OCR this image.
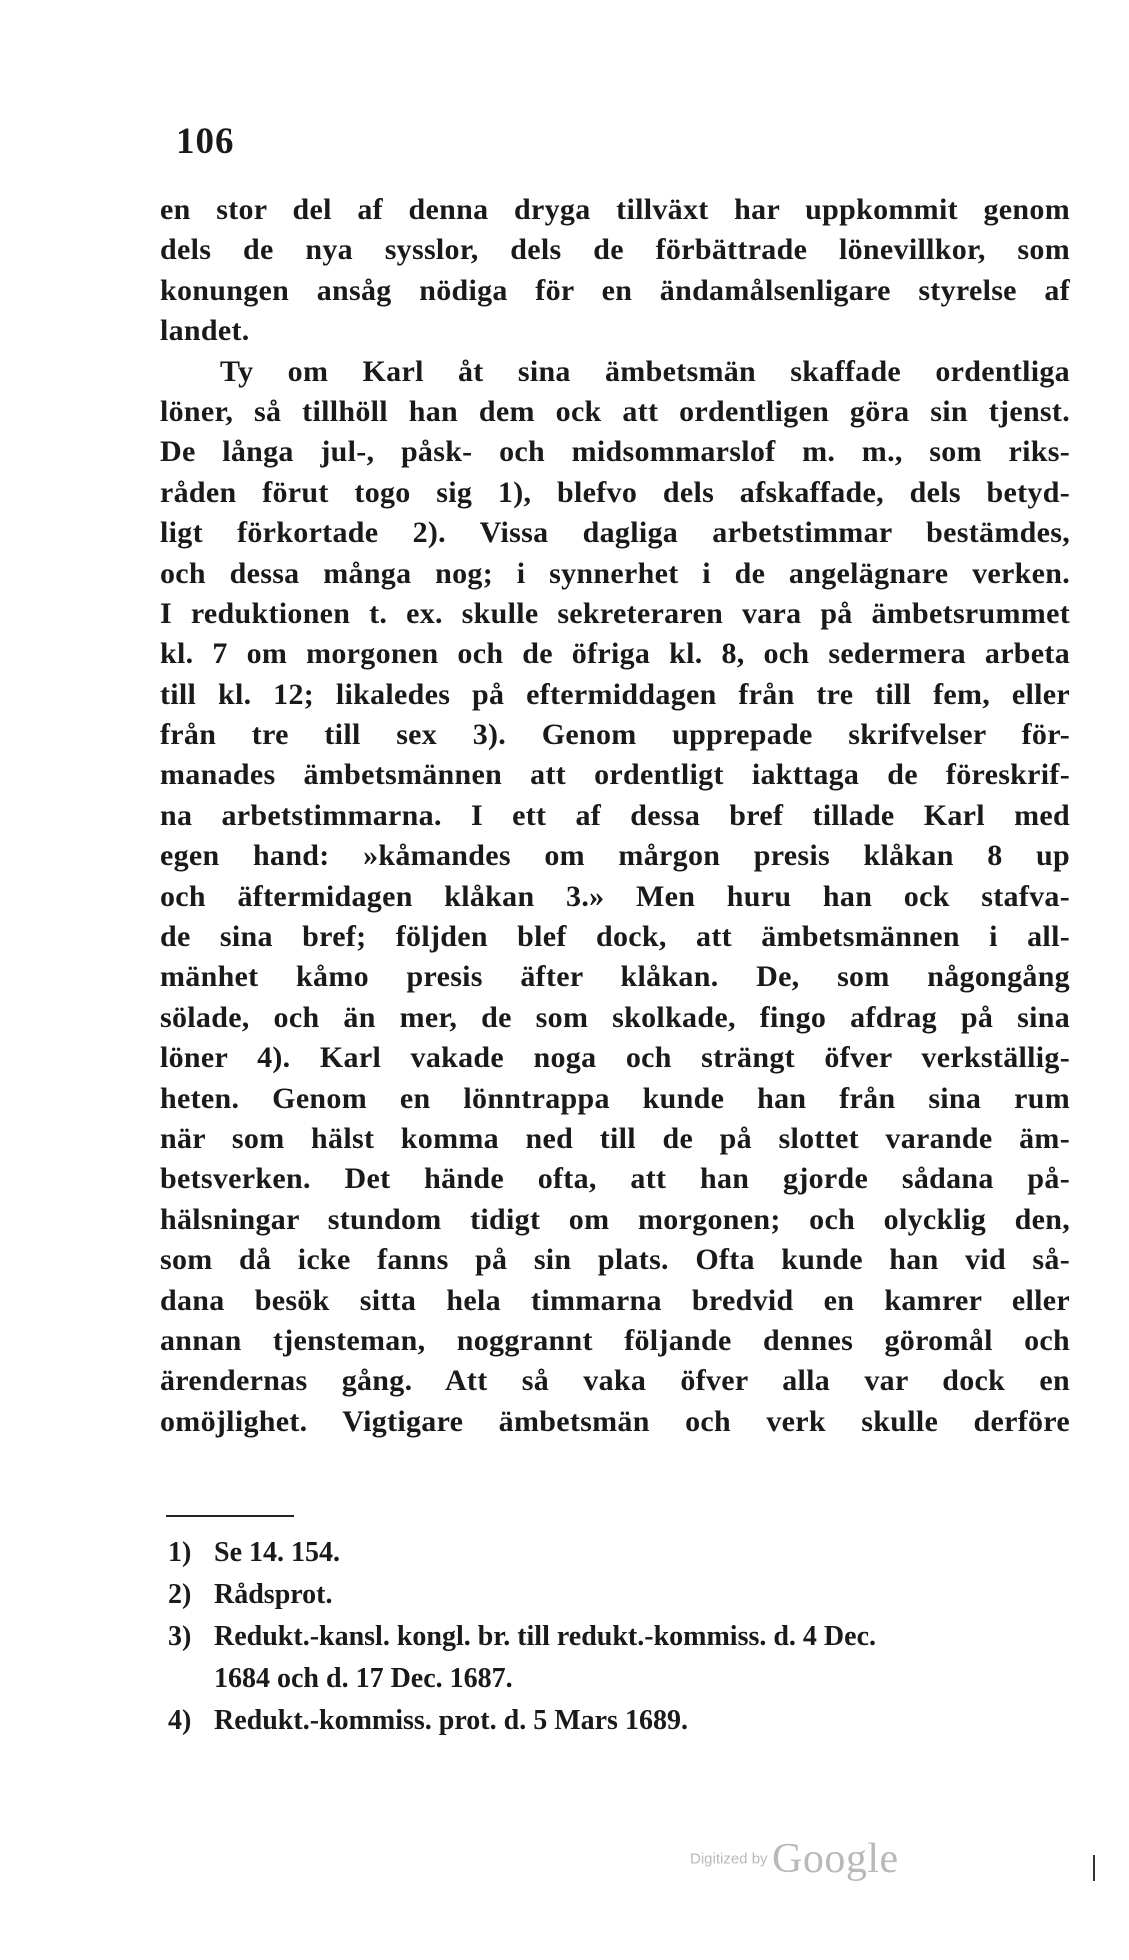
106
en stor del af denna dryga tillväxt har uppkommit genom
dels de nya sysslor, dels de förbättrade lönevillkor, som
konungen ansåg nödiga för en ändamålsenligare styrelse af
landet.
Ty om Karl åt sina ämbetsmän skaffade ordentliga
löner, så tillhöll han dem ock att ordentligen göra sin tjenst.
De långa jul-, påsk- och midsommarslof m. m., som riks-
råden förut togo sig 1), blefvo dels afskaffade, dels betyd-
ligt förkortade 2). Vissa dagliga arbetstimmar bestämdes,
och dessa många nog; i synnerhet i de angelägnare verken.
I reduktionen t. ex. skulle sekreteraren vara på ämbetsrummet
kl. 7 om morgonen och de öfriga kl. 8, och sedermera arbeta
till kl. 12; likaledes på eftermiddagen från tre till fem, eller
från tre till sex 3). Genom upprepade skrifvelser för-
manades ämbetsmännen att ordentligt iakttaga de föreskrif-
na arbetstimmarna. I ett af dessa bref tillade Karl med
egen hand: »kåmandes om mårgon presis klåkan 8 up
och äftermidagen klåkan 3.» Men huru han ock stafva-
de sina bref; följden blef dock, att ämbetsmännen i all-
mänhet kåmo presis äfter klåkan. De, som någongång
sölade, och än mer, de som skolkade, fingo afdrag på sina
löner 4). Karl vakade noga och strängt öfver verkställig-
heten. Genom en lönntrappa kunde han från sina rum
när som hälst komma ned till de på slottet varande äm-
betsverken. Det hände ofta, att han gjorde sådana på-
hälsningar stundom tidigt om morgonen; och olycklig den,
som då icke fanns på sin plats. Ofta kunde han vid så-
dana besök sitta hela timmarna bredvid en kamrer eller
annan tjensteman, noggrannt följande dennes göromål och
ärendernas gång. Att så vaka öfver alla var dock en
omöjlighet. Vigtigare ämbetsmän och verk skulle derföre
1) Se 14. 154.
2) Rådsprot.
3) Redukt.-kansl. kongl. br. till redukt.-kommiss. d. 4 Dec.
1684 och d. 17 Dec. 1687.
4) Redukt.-kommiss. prot. d. 5 Mars 1689.
Digitized by Google
